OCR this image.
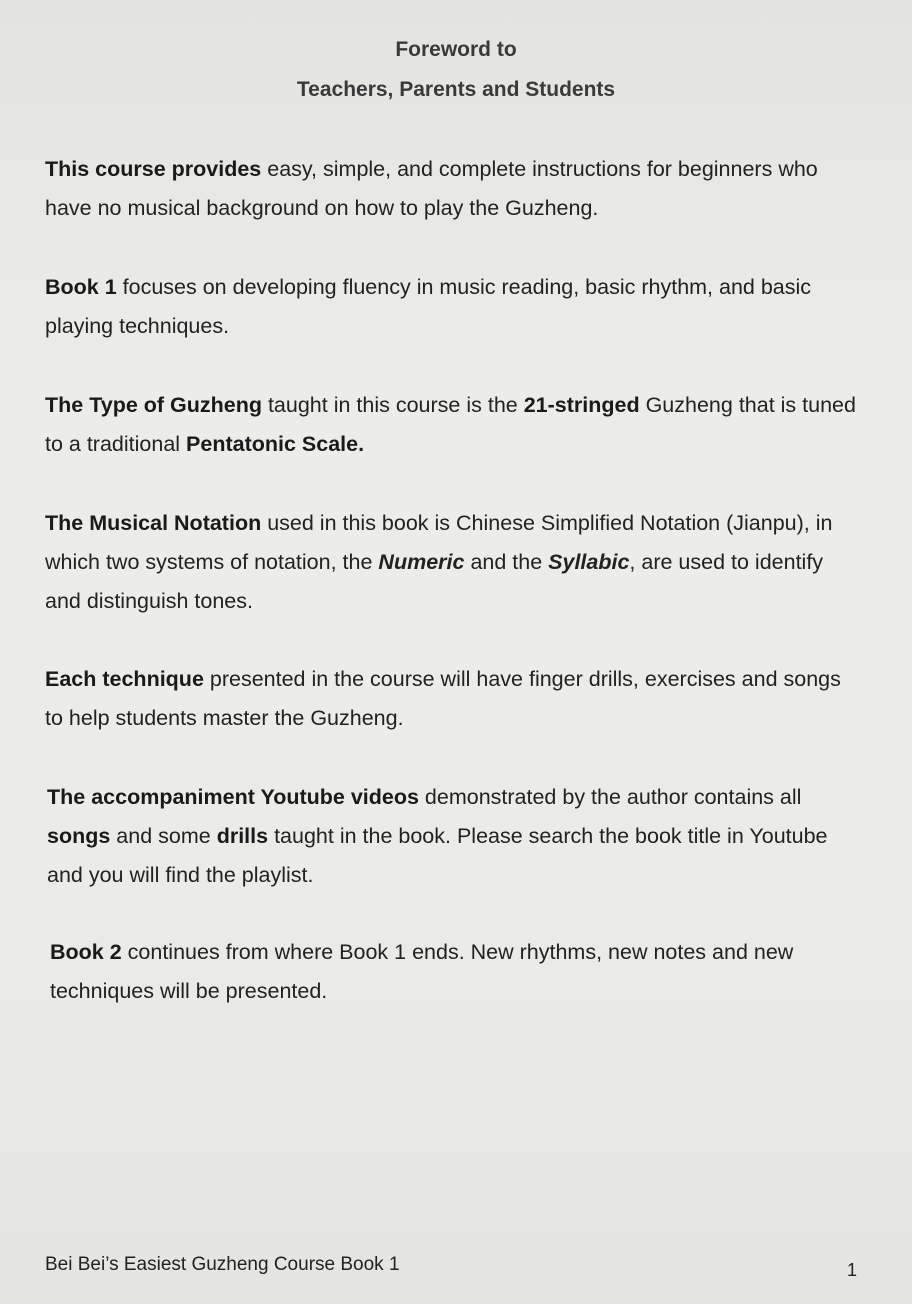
Foreword to
Teachers, Parents and Students

This course provides easy, simple, and complete instructions for beginners who have no musical background on how to play the Guzheng.

Book 1 focuses on developing fluency in music reading, basic rhythm, and basic playing techniques.

The Type of Guzheng taught in this course is the 21-stringed Guzheng that is tuned to a traditional Pentatonic Scale.

The Musical Notation used in this book is Chinese Simplified Notation (Jianpu), in which two systems of notation, the Numeric and the Syllabic, are used to identify and distinguish tones.

Each technique presented in the course will have finger drills, exercises and songs to help students master the Guzheng.

The accompaniment Youtube videos demonstrated by the author contains all songs and some drills taught in the book. Please search the book title in Youtube and you will find the playlist.

Book 2 continues from where Book 1 ends. New rhythms, new notes and new techniques will be presented.

Bei Bei’s Easiest Guzheng Course Book 1	1
